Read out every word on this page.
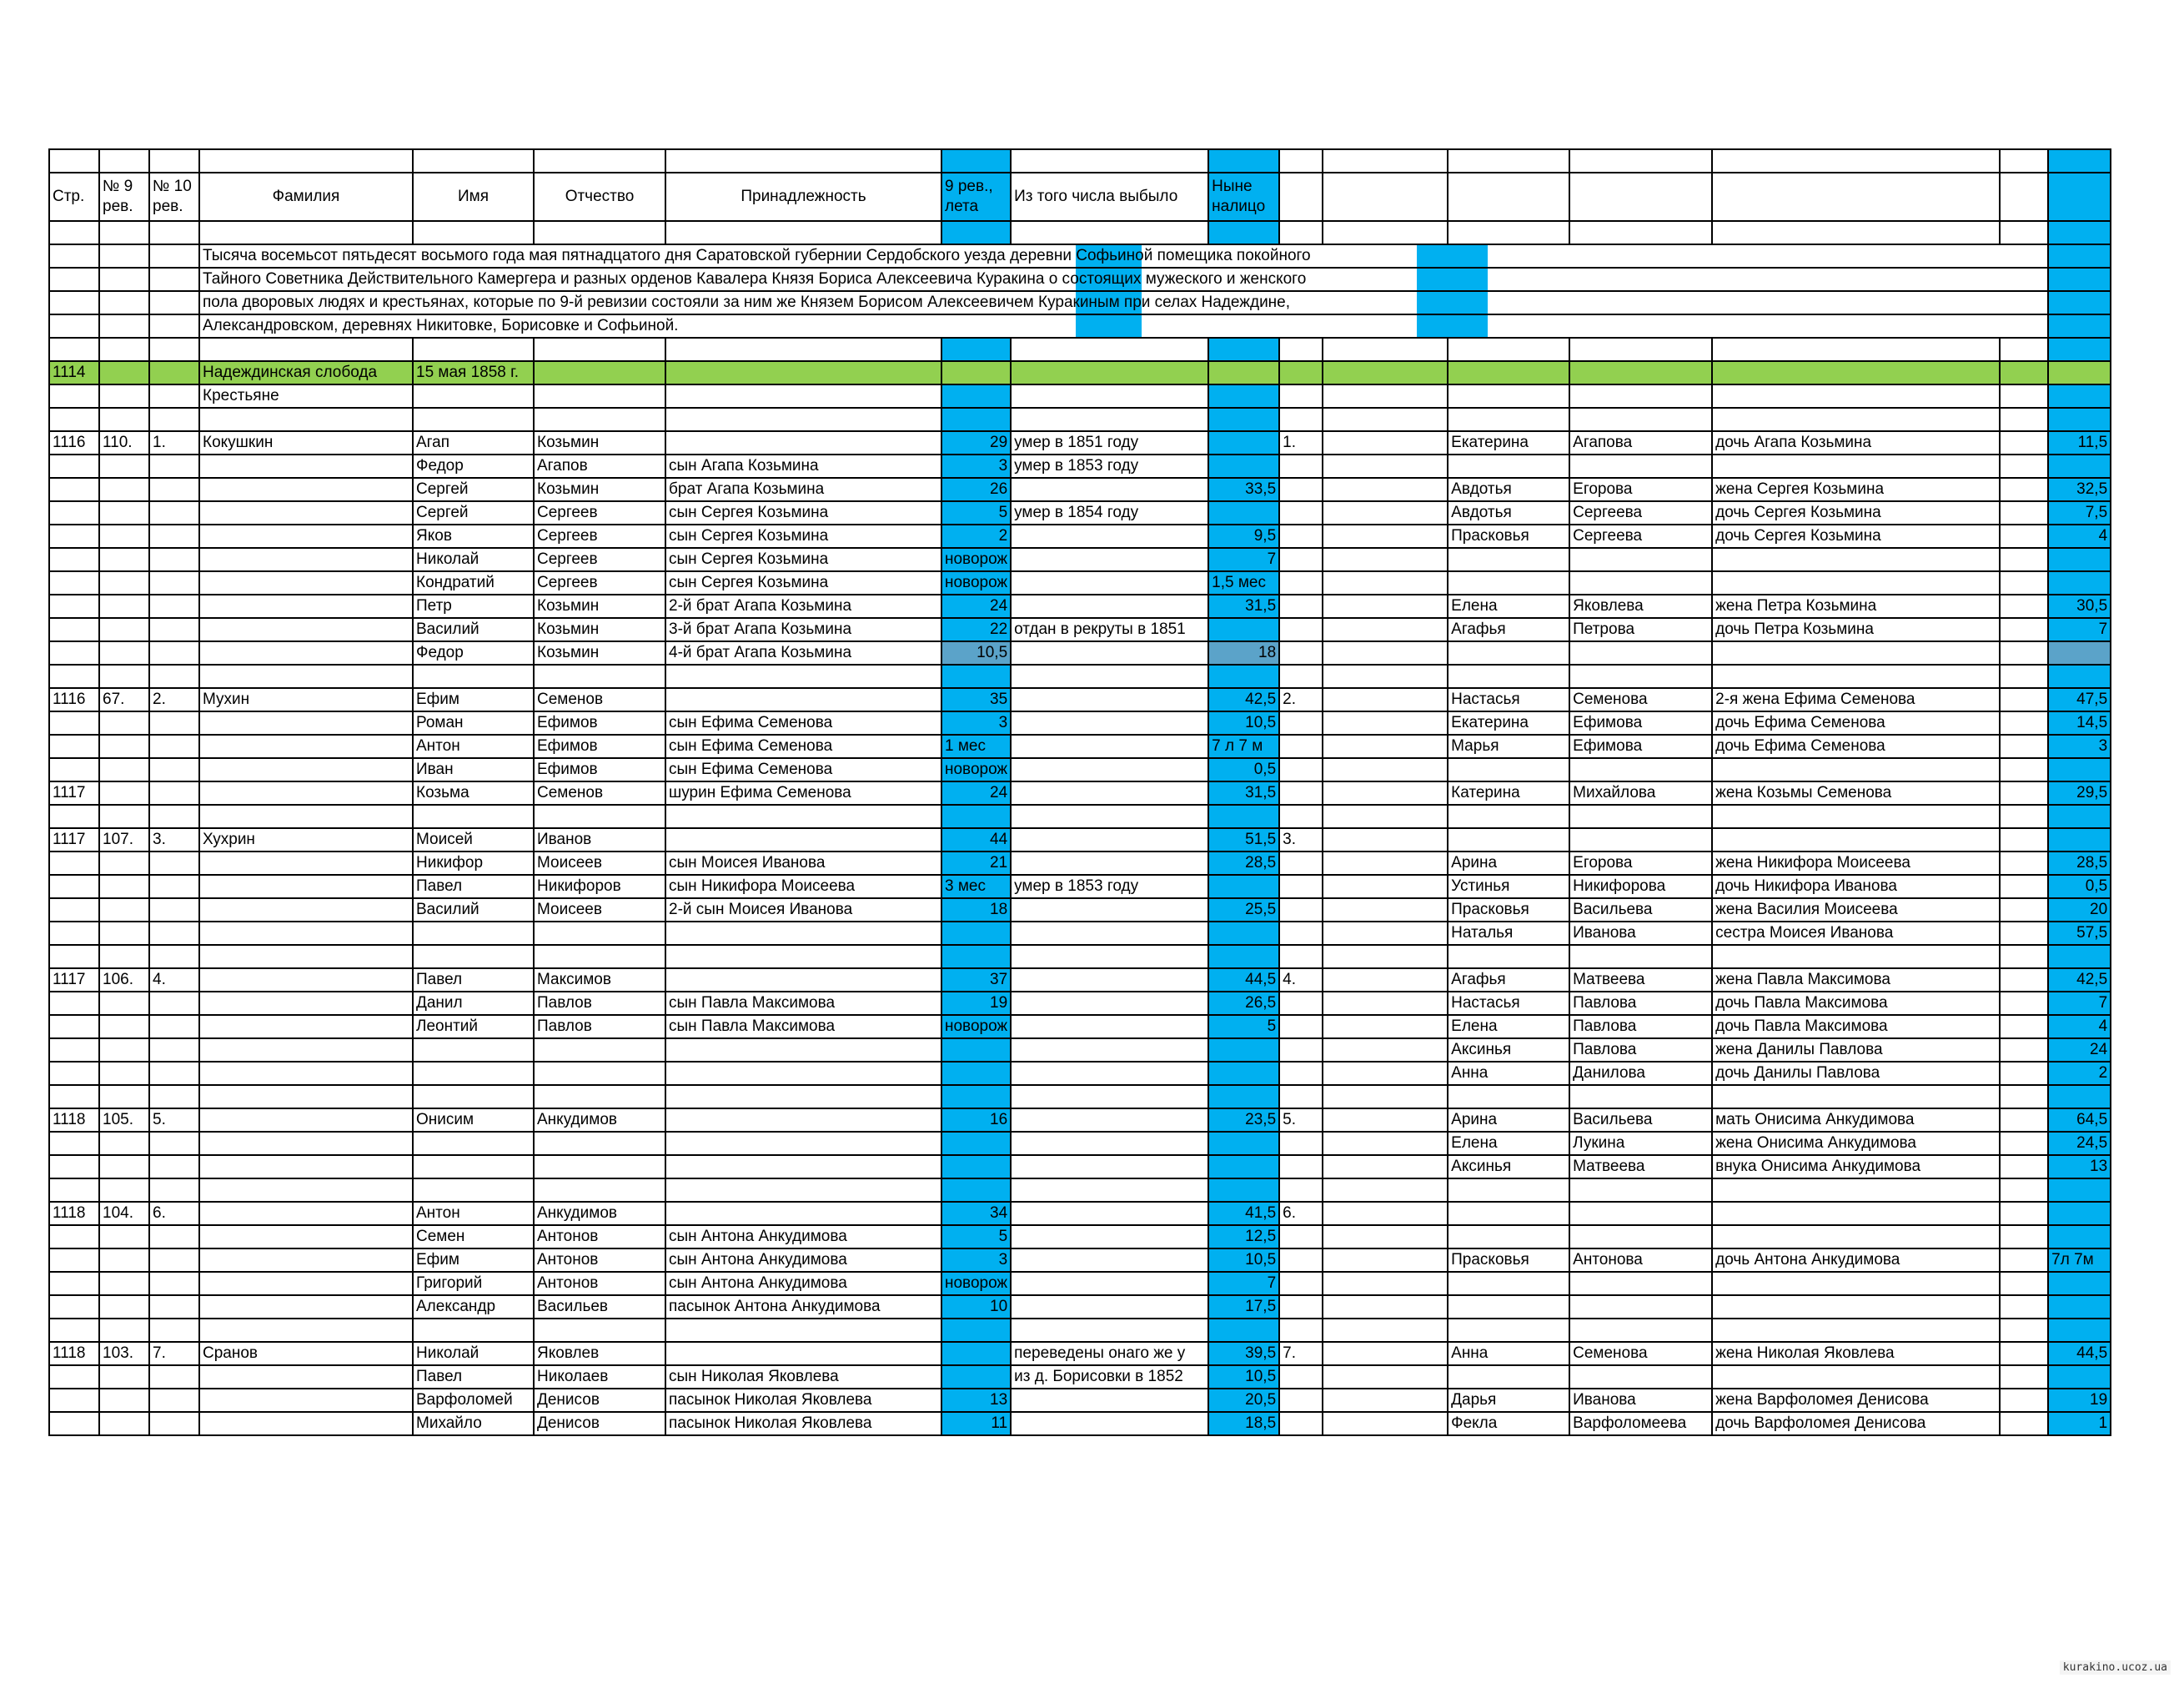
Стр.	№ 9 рев.	№ 10 рев.	Фамилия	Имя	Отчество	Принадлежность	9 рев., лета	Из того числа выбыло	Ныне налицо							

			Тысяча восемьсот пятьдесят восьмого года мая пятнадцатого дня Саратовской губернии Сердобского уезда деревни Софьиной помещика покойного													
			Тайного Советника Действительного Камергера и разных орденов Кавалера Князя Бориса Алексеевича Куракина о состоящих мужеского и женского													
			пола дворовых людях и крестьянах, которые по 9-й ревизии состояли за ним же Князем Борисом Алексеевичем Куракиным при селах Надеждине,													
			Александровском, деревнях Никитовке, Борисовке и Софьиной.													

1114			Надеждинская слобода	15 мая 1858 г.												
			Крестьяне													

1116	110.	1.	Кокушкин	Агап	Козьмин		29	умер в 1851 году		1.		Екатерина	Агапова	дочь Агапа Козьмина		11,5
				Федор	Агапов	сын Агапа Козьмина	3	умер в 1853 году								
				Сергей	Козьмин	брат Агапа Козьмина	26		33,5			Авдотья	Егорова	жена Сергея Козьмина		32,5
				Сергей	Сергеев	сын Сергея Козьмина	5	умер в 1854 году				Авдотья	Сергеева	дочь Сергея Козьмина		7,5
				Яков	Сергеев	сын Сергея Козьмина	2		9,5			Прасковья	Сергеева	дочь Сергея Козьмина		4
				Николай	Сергеев	сын Сергея Козьмина	новорож		7							
				Кондратий	Сергеев	сын Сергея Козьмина	новорож		1,5 мес							
				Петр	Козьмин	2-й брат Агапа Козьмина	24		31,5			Елена	Яковлева	жена Петра Козьмина		30,5
				Василий	Козьмин	3-й брат Агапа Козьмина	22	отдан в рекруты в 1851				Агафья	Петрова	дочь Петра Козьмина		7
				Федор	Козьмин	4-й брат Агапа Козьмина	10,5		18							

1116	67.	2.	Мухин	Ефим	Семенов		35		42,5	2.		Настасья	Семенова	2-я жена Ефима Семенова		47,5
				Роман	Ефимов	сын Ефима Семенова	3		10,5			Екатерина	Ефимова	дочь Ефима Семенова		14,5
				Антон	Ефимов	сын Ефима Семенова	1 мес		7 л 7 м			Марья	Ефимова	дочь Ефима Семенова		3
				Иван	Ефимов	сын Ефима Семенова	новорож		0,5							
1117				Козьма	Семенов	шурин Ефима Семенова	24		31,5			Катерина	Михайлова	жена Козьмы Семенова		29,5

1117	107.	3.	Хухрин	Моисей	Иванов		44		51,5	3.						
				Никифор	Моисеев	сын Моисея Иванова	21		28,5			Арина	Егорова	жена Никифора Моисеева		28,5
				Павел	Никифоров	сын Никифора Моисеева	3 мес	умер в 1853 году				Устинья	Никифорова	дочь Никифора Иванова		0,5
				Василий	Моисеев	2-й сын Моисея Иванова	18		25,5			Прасковья	Васильева	жена Василия Моисеева		20
												Наталья	Иванова	сестра Моисея Иванова		57,5

1117	106.	4.		Павел	Максимов		37		44,5	4.		Агафья	Матвеева	жена Павла Максимова		42,5
				Данил	Павлов	сын Павла Максимова	19		26,5			Настасья	Павлова	дочь Павла Максимова		7
				Леонтий	Павлов	сын Павла Максимова	новорож		5			Елена	Павлова	дочь Павла Максимова		4
												Аксинья	Павлова	жена Данилы Павлова		24
												Анна	Данилова	дочь Данилы Павлова		2

1118	105.	5.		Онисим	Анкудимов		16		23,5	5.		Арина	Васильева	мать Онисима Анкудимова		64,5
												Елена	Лукина	жена Онисима Анкудимова		24,5
												Аксинья	Матвеева	внука Онисима Анкудимова		13

1118	104.	6.		Антон	Анкудимов		34		41,5	6.						
				Семен	Антонов	сын Антона Анкудимова	5		12,5							
				Ефим	Антонов	сын Антона Анкудимова	3		10,5			Прасковья	Антонова	дочь Антона Анкудимова		7л 7м
				Григорий	Антонов	сын Антона Анкудимова	новорож		7							
				Александр	Васильев	пасынок Антона Анкудимова	10		17,5							

1118	103.	7.	Сранов	Николай	Яковлев			переведены онаго же у	39,5	7.		Анна	Семенова	жена Николая Яковлева		44,5
				Павел	Николаев	сын Николая Яковлева		из д. Борисовки в 1852	10,5							
				Варфоломей	Денисов	пасынок Николая Яковлева	13		20,5			Дарья	Иванова	жена Варфоломея Денисова		19
				Михайло	Денисов	пасынок Николая Яковлева	11		18,5			Фекла	Варфоломеева	дочь Варфоломея Денисова		1
kurakino.ucoz.ua
